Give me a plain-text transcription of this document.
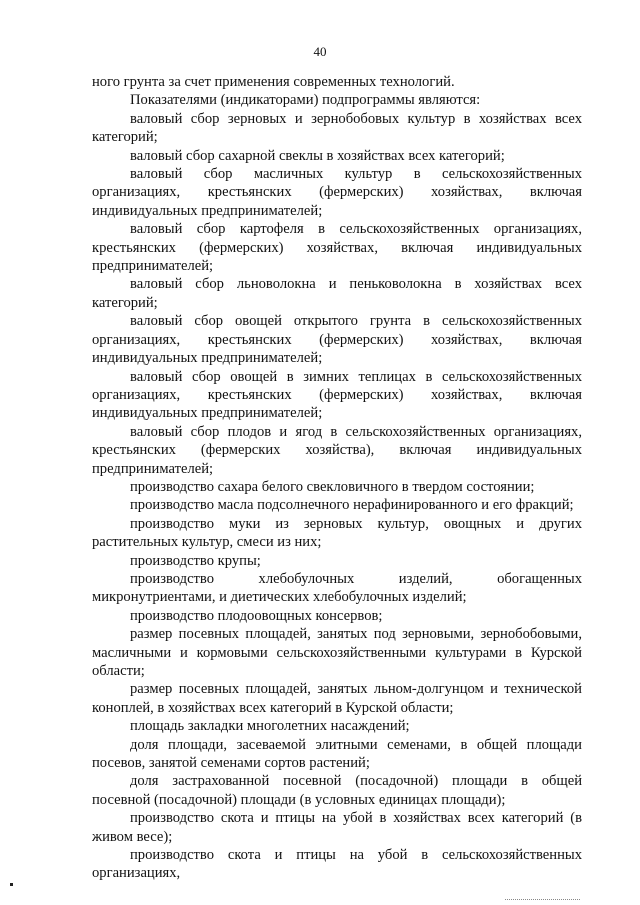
40

ного грунта за счет применения современных технологий.

Показателями (индикаторами) подпрограммы являются:

валовый сбор зерновых и зернобобовых культур в хозяйствах всех категорий;

валовый сбор сахарной свеклы в хозяйствах всех категорий;

валовый сбор масличных культур в сельскохозяйственных организациях, крестьянских (фермерских) хозяйствах, включая индивидуальных предпринимателей;

валовый сбор картофеля в сельскохозяйственных организациях, крестьянских (фермерских) хозяйствах, включая индивидуальных предпринимателей;

валовый сбор льноволокна и пеньковолокна в хозяйствах всех категорий;

валовый сбор овощей открытого грунта в сельскохозяйственных организациях, крестьянских (фермерских) хозяйствах, включая индивидуальных предпринимателей;

валовый сбор овощей в зимних теплицах в сельскохозяйственных организациях, крестьянских (фермерских) хозяйствах, включая индивидуальных предпринимателей;

валовый сбор плодов и ягод в сельскохозяйственных организациях, крестьянских (фермерских хозяйства), включая индивидуальных предпринимателей;

производство сахара белого свекловичного в твердом состоянии;

производство масла подсолнечного нерафинированного и его фракций;

производство муки из зерновых культур, овощных и других растительных культур, смеси из них;

производство крупы;

производство хлебобулочных изделий, обогащенных микронутриентами, и диетических хлебобулочных изделий;

производство плодоовощных консервов;

размер посевных площадей, занятых под зерновыми, зернобобовыми, масличными и кормовыми сельскохозяйственными культурами в Курской области;

размер посевных площадей, занятых льном-долгунцом и технической коноплей, в хозяйствах всех категорий в Курской области;

площадь закладки многолетних насаждений;

доля площади, засеваемой элитными семенами, в общей площади посевов, занятой семенами сортов растений;

доля застрахованной посевной (посадочной) площади в общей посевной (посадочной) площади (в условных единицах площади);

производство скота и птицы на убой в хозяйствах всех категорий (в живом весе);

производство скота и птицы на убой в сельскохозяйственных организациях,
